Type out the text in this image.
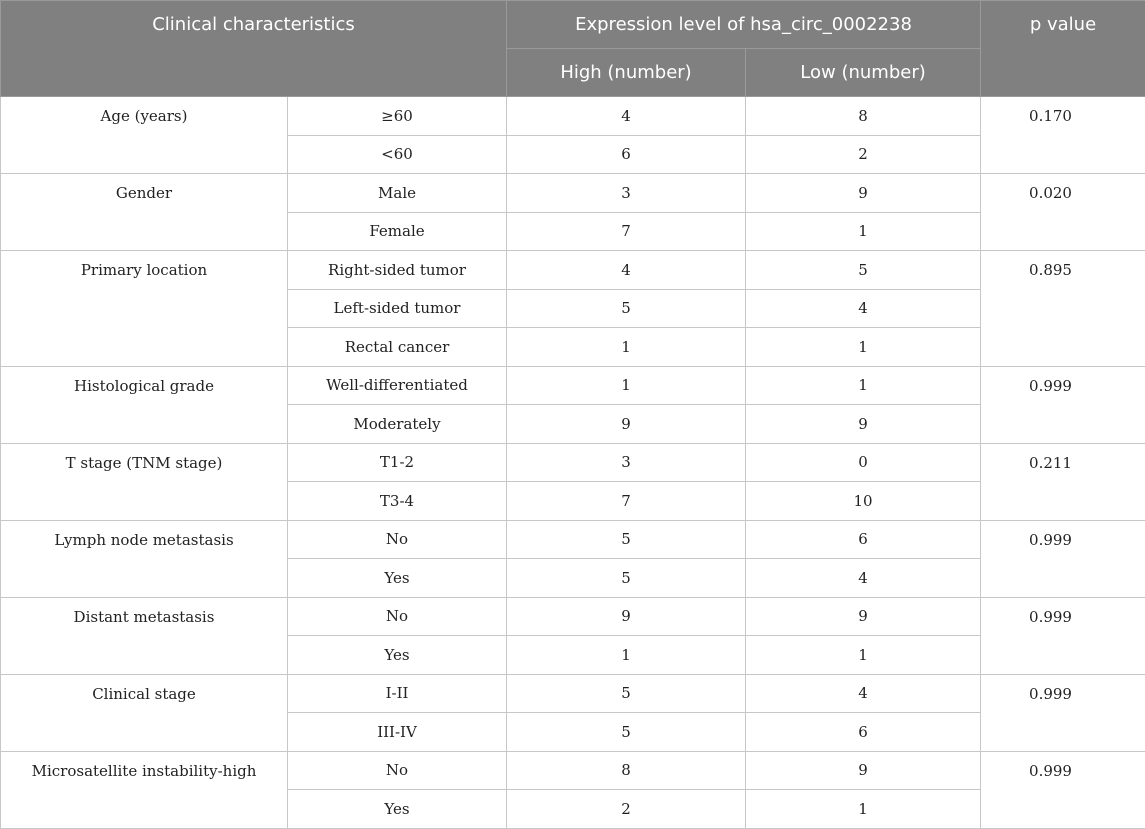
Clinical characteristics		Expression level of hsa_circ_0002238		p value
		High (number)	Low (number)	
Age (years)	≥60	4	8	0.170
	<60	6	2	
Gender	Male	3	9	0.020
	Female	7	1	
Primary location	Right-sided tumor	4	5	0.895
	Left-sided tumor	5	4	
	Rectal cancer	1	1	
Histological grade	Well-differentiated	1	1	0.999
	Moderately	9	9	
T stage (TNM stage)	T1-2	3	0	0.211
	T3-4	7	10	
Lymph node metastasis	No	5	6	0.999
	Yes	5	4	
Distant metastasis	No	9	9	0.999
	Yes	1	1	
Clinical stage	I-II	5	4	0.999
	III-IV	5	6	
Microsatellite instability-high	No	8	9	0.999
	Yes	2	1	
